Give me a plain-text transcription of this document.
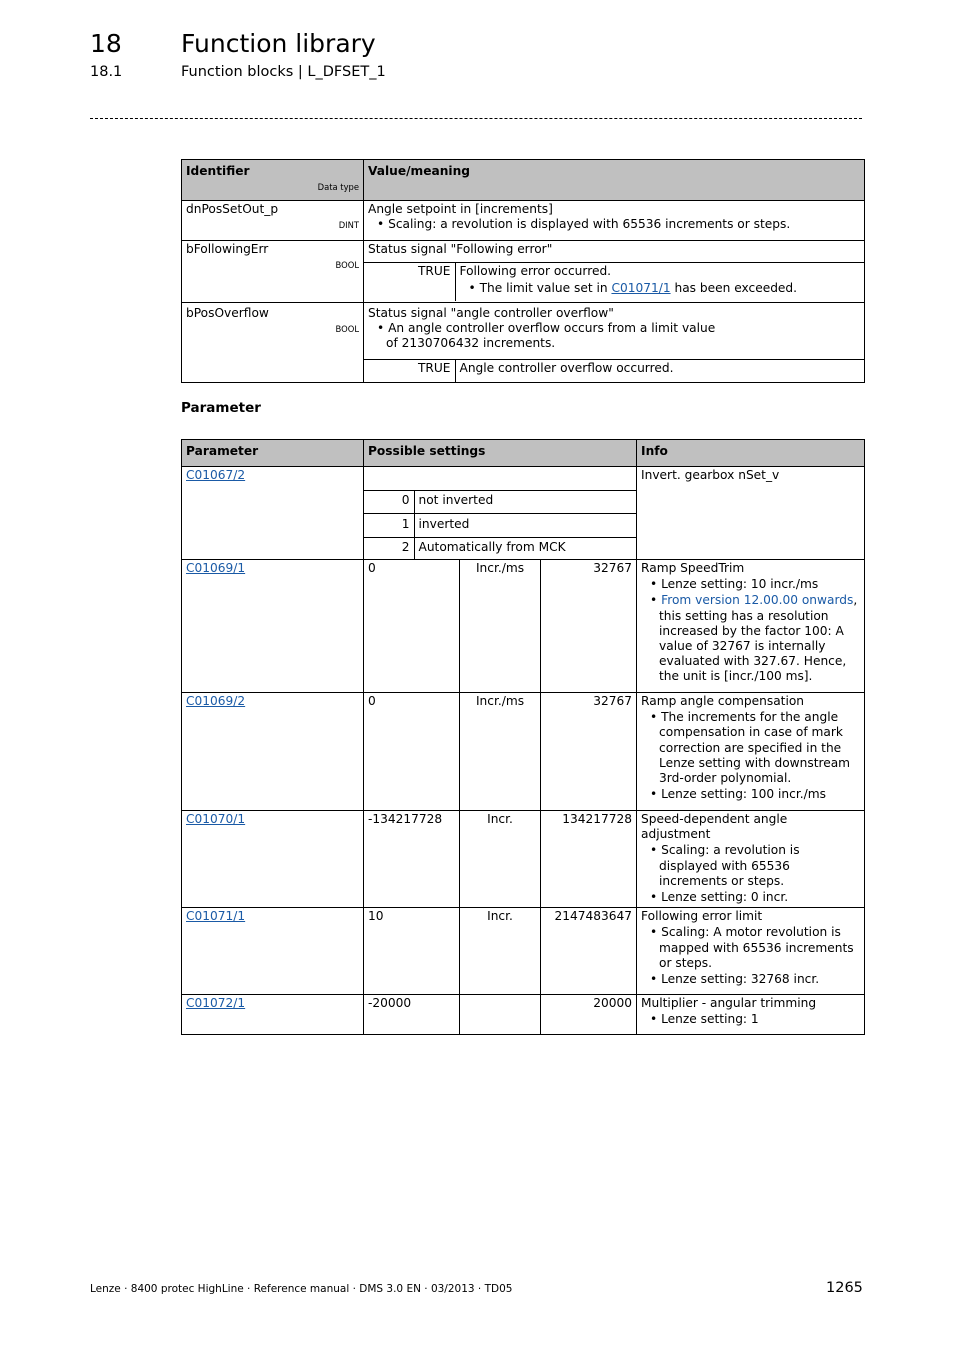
18 Function library
18.1	Function blocks | L_DFSET_1
Identifier
Data type

Value/meaning

dnPosSetOut_p
DINT

Angle setpoint in [increments]
• Scaling: a revolution is displayed with 65536 increments or steps.

bFollowingErr
BOOL

Status signal "Following error"
TRUE	Following error occurred.
• The limit value set in C01071/1 has been exceeded.

bPosOverflow
BOOL

Status signal "angle controller overflow"
• An angle controller overflow occurs from a limit value of 2130706432 increments.
TRUE	Angle controller overflow occurred.
Parameter
Parameter	Possible settings	Info

C01067/2

0	not inverted

1	inverted

2	Automatically from MCK

Invert. gearbox nSet_v

C01069/1	0	Incr./ms	32767	Ramp SpeedTrim
• Lenze setting: 10 incr./ms
• From version 12.00.00 onwards, this setting has a resolution increased by the factor 100: A value of 32767 is internally evaluated with 327.67. Hence, the unit is [incr./100 ms].

C01069/2	0	Incr./ms	32767	Ramp angle compensation
• The increments for the angle compensation in case of mark correction are specified in the Lenze setting with downstream 3rd-order polynomial.
• Lenze setting: 100 incr./ms

C01070/1	-134217728	Incr.	134217728	Speed-dependent angle adjustment
• Scaling: a revolution is displayed with 65536 increments or steps.
• Lenze setting: 0 incr.

C01071/1	10	Incr.	2147483647	Following error limit
• Scaling: A motor revolution is mapped with 65536 increments or steps.
• Lenze setting: 32768 incr.

C01072/1	-20000		20000	Multiplier - angular trimming
• Lenze setting: 1
Lenze · 8400 protec HighLine · Reference manual · DMS 3.0 EN · 03/2013 · TD05	1265
